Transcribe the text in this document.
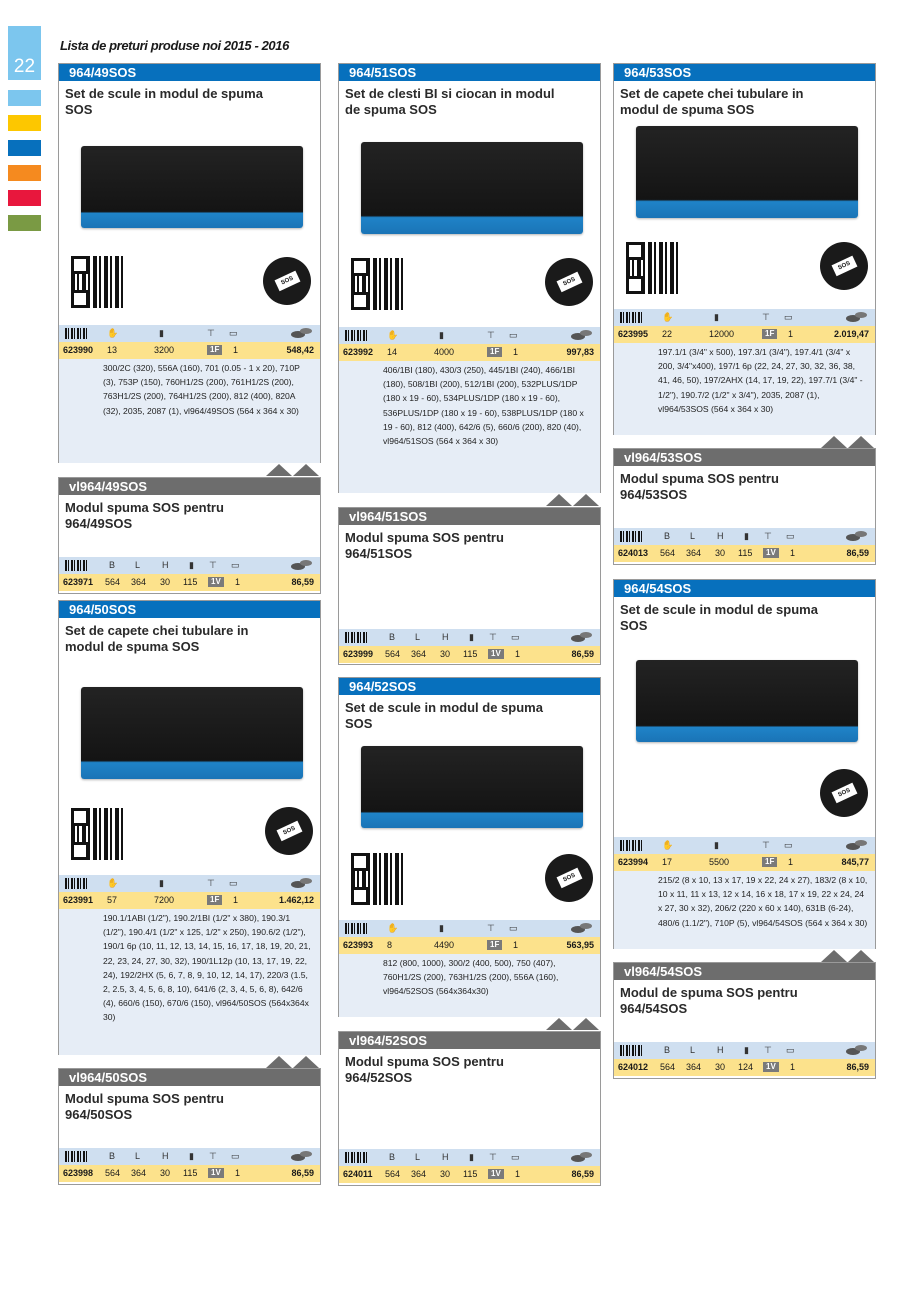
22
Lista de preturi produse noi 2015 - 2016
964/49SOS
Set de scule in modul de spuma SOS
SOS
✋	▮	⊤ ▭
623990 13	3200	1F	1	548,42
300/2C (320), 556A (160), 701 (0.05 - 1 x 20), 710P (3), 753P (150), 760H1/2S (200), 761H1/2S (200), 763H1/2S (200), 764H1/2S (200), 812 (400), 820A (32), 2035, 2087 (1), vl964/49SOS (564 x 364 x 30)
vl964/49SOS
Modul spuma SOS pentru 964/49SOS
B L H ▮ ⊤ ▭
623971 564 364 30 115	1V	1	86,59
964/50SOS
Set de capete chei tubulare in modul de spuma SOS
SOS
✋	▮	⊤ ▭
623991 57	7200	1F	1	1.462,12
190.1/1ABI (1/2"), 190.2/1BI (1/2" x 380), 190.3/1 (1/2"), 190.4/1 (1/2" x 125, 1/2" x 250), 190.6/2 (1/2"), 190/1 6p (10, 11, 12, 13, 14, 15, 16, 17, 18, 19, 20, 21, 22, 23, 24, 27, 30, 32), 190/1L12p (10, 13, 17, 19, 22, 24), 192/2HX (5, 6, 7, 8, 9, 10, 12, 14, 17), 220/3 (1.5, 2, 2.5, 3, 4, 5, 6, 8, 10), 641/6 (2, 3, 4, 5, 6, 8), 642/6 (4), 660/6 (150), 670/6 (150), vl964/50SOS (564x364x 30)
vl964/50SOS
Modul spuma SOS pentru 964/50SOS
B L H ▮ ⊤ ▭
623998 564 364 30 115	1V	1	86,59
964/51SOS
Set de clesti BI si ciocan in modul de spuma SOS
SOS
✋	▮	⊤ ▭
623992 14	4000	1F	1	997,83
406/1BI (180), 430/3 (250), 445/1BI (240), 466/1BI (180), 508/1BI (200), 512/1BI (200), 532PLUS/1DP (180 x 19 - 60), 534PLUS/1DP (180 x 19 - 60), 536PLUS/1DP (180 x 19 - 60), 538PLUS/1DP (180 x 19 - 60), 812 (400), 642/6 (5), 660/6 (200), 820 (40), vl964/51SOS (564 x 364 x 30)
vl964/51SOS
Modul spuma SOS pentru 964/51SOS
B L H ▮ ⊤ ▭
623999 564 364 30 115	1V	1	86,59
964/52SOS
Set de scule in modul de spuma SOS
SOS
✋	▮	⊤ ▭
623993 8	4490	1F	1	563,95
812 (800, 1000), 300/2 (400, 500), 750 (407), 760H1/2S (200), 763H1/2S (200), 556A (160), vl964/52SOS (564x364x30)
vl964/52SOS
Modul spuma SOS pentru 964/52SOS
B L H ▮ ⊤ ▭
624011 564 364 30 115	1V	1	86,59
964/53SOS
Set de capete chei tubulare in modul de spuma SOS
SOS
✋	▮	⊤ ▭
623995 22	12000	1F	1	2.019,47
197.1/1 (3/4" x 500), 197.3/1 (3/4"), 197.4/1 (3/4" x 200, 3/4"x400), 197/1 6p (22, 24, 27, 30, 32, 36, 38, 41, 46, 50), 197/2AHX (14, 17, 19, 22), 197.7/1 (3/4" - 1/2"), 190.7/2 (1/2" x 3/4"), 2035, 2087 (1), vl964/53SOS (564 x 364 x 30)
vl964/53SOS
Modul spuma SOS pentru 964/53SOS
B L H ▮ ⊤ ▭
624013 564 364 30 115	1V	1	86,59
964/54SOS
Set de scule in modul de spuma SOS
SOS
✋	▮	⊤ ▭
623994 17	5500	1F	1	845,77
215/2 (8 x 10, 13 x 17, 19 x 22, 24 x 27), 183/2 (8 x 10, 10 x 11, 11 x 13, 12 x 14, 16 x 18, 17 x 19, 22 x 24, 24 x 27, 30 x 32), 206/2 (220 x 60 x 140), 631B (6-24), 480/6 (1.1/2"), 710P (5), vl964/54SOS (564 x 364 x 30)
vl964/54SOS
Modul de spuma SOS pentru 964/54SOS
B L H ▮ ⊤ ▭
624012 564 364 30 124	1V	1	86,59
